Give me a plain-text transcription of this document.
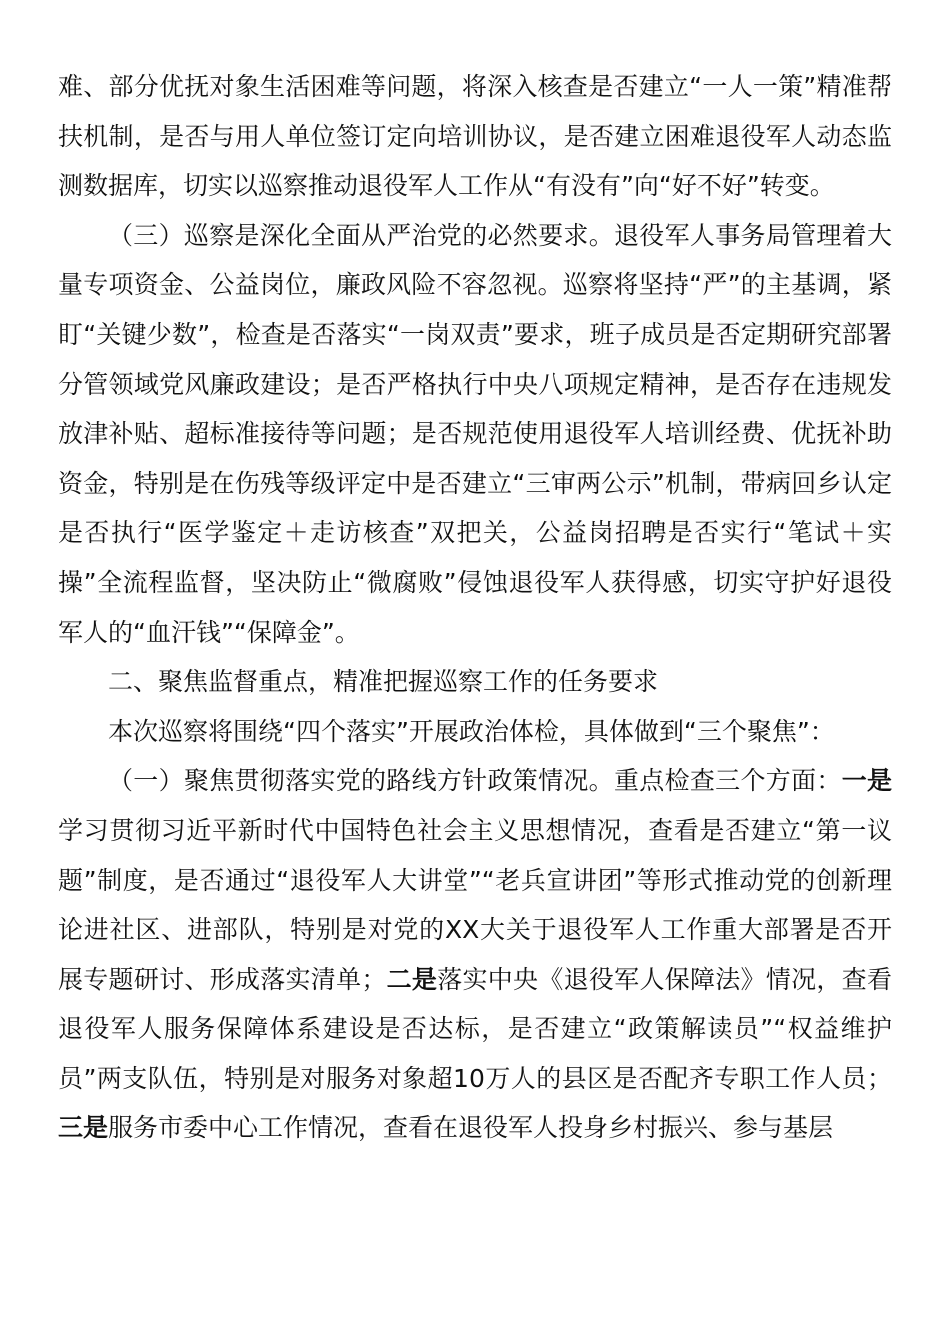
难、部分优抚对象生活困难等问题，将深入核查是否建立“一人一策”精准帮扶机制，是否与用人单位签订定向培训协议，是否建立困难退役军人动态监测数据库，切实以巡察推动退役军人工作从“有没有”向“好不好”转变。

（三）巡察是深化全面从严治党的必然要求。退役军人事务局管理着大量专项资金、公益岗位，廉政风险不容忽视。巡察将坚持“严”的主基调，紧盯“关键少数”，检查是否落实“一岗双责”要求，班子成员是否定期研究部署分管领域党风廉政建设；是否严格执行中央八项规定精神，是否存在违规发放津补贴、超标准接待等问题；是否规范使用退役军人培训经费、优抚补助资金，特别是在伤残等级评定中是否建立“三审两公示”机制，带病回乡认定是否执行“医学鉴定＋走访核查”双把关，公益岗招聘是否实行“笔试＋实操”全流程监督，坚决防止“微腐败”侵蚀退役军人获得感，切实守护好退役军人的“血汗钱”“保障金”。

二、聚焦监督重点，精准把握巡察工作的任务要求

本次巡察将围绕“四个落实”开展政治体检，具体做到“三个聚焦”：

（一）聚焦贯彻落实党的路线方针政策情况。重点检查三个方面：一是学习贯彻习近平新时代中国特色社会主义思想情况，查看是否建立“第一议题”制度，是否通过“退役军人大讲堂”“老兵宣讲团”等形式推动党的创新理论进社区、进部队，特别是对党的XX大关于退役军人工作重大部署是否开展专题研讨、形成落实清单；二是落实中央《退役军人保障法》情况，查看退役军人服务保障体系建设是否达标，是否建立“政策解读员”“权益维护员”两支队伍，特别是对服务对象超10万人的县区是否配齐专职工作人员；三是服务市委中心工作情况，查看在退役军人投身乡村振兴、参与基层
